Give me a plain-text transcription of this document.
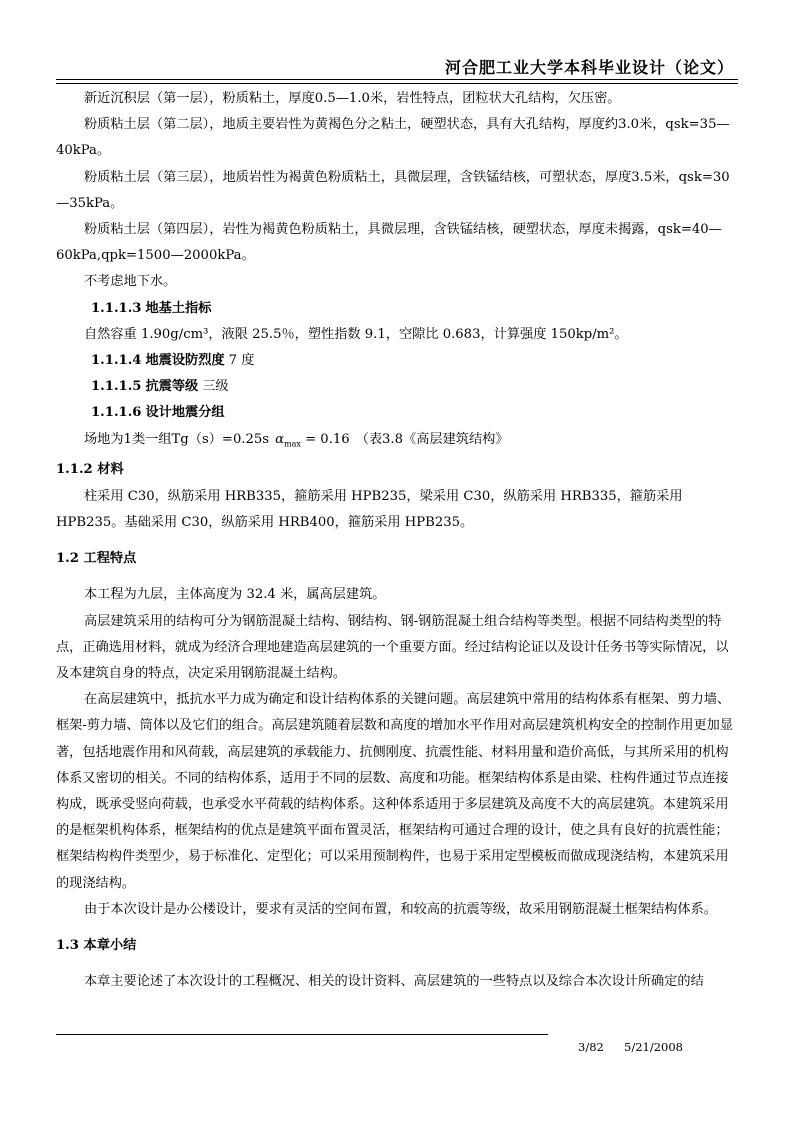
河合肥工业大学本科毕业设计（论文）

新近沉积层（第一层），粉质粘土，厚度0.5—1.0米，岩性特点，团粒状大孔结构，欠压密。

粉质粘土层（第二层），地质主要岩性为黄褐色分之粘土，硬塑状态，具有大孔结构，厚度约3.0米，qsk=35—40kPa。

粉质粘土层（第三层），地质岩性为褐黄色粉质粘土，具微层理，含铁锰结核，可塑状态，厚度3.5米，qsk=30—35kPa。

粉质粘土层（第四层），岩性为褐黄色粉质粘土，具微层理，含铁锰结核，硬塑状态，厚度未揭露，qsk=40—60kPa,qpk=1500—2000kPa。

不考虑地下水。

1.1.1.3 地基土指标

自然容重 1.90g/cm³，液限 25.5％，塑性指数 9.1，空隙比 0.683，计算强度 150kp/m²。

1.1.1.4 地震设防烈度 7 度

1.1.1.5 抗震等级 三级

1.1.1.6 设计地震分组

场地为1类一组Tg（s）=0.25s $\alpha_{max} = 0.16$ （表3.8《高层建筑结构》

1.1.2 材料

柱采用 C30，纵筋采用 HRB335，箍筋采用 HPB235，梁采用 C30，纵筋采用 HRB335，箍筋采用 HPB235。基础采用 C30，纵筋采用 HRB400，箍筋采用 HPB235。

1.2 工程特点

本工程为九层，主体高度为 32.4 米，属高层建筑。

高层建筑采用的结构可分为钢筋混凝土结构、钢结构、钢-钢筋混凝土组合结构等类型。根据不同结构类型的特点，正确选用材料，就成为经济合理地建造高层建筑的一个重要方面。经过结构论证以及设计任务书等实际情况，以及本建筑自身的特点，决定采用钢筋混凝土结构。

在高层建筑中，抵抗水平力成为确定和设计结构体系的关键问题。高层建筑中常用的结构体系有框架、剪力墙、框架-剪力墙、筒体以及它们的组合。高层建筑随着层数和高度的增加水平作用对高层建筑机构安全的控制作用更加显著，包括地震作用和风荷载，高层建筑的承载能力、抗侧刚度、抗震性能、材料用量和造价高低，与其所采用的机构体系又密切的相关。不同的结构体系，适用于不同的层数、高度和功能。框架结构体系是由梁、柱构件通过节点连接构成，既承受竖向荷载，也承受水平荷载的结构体系。这种体系适用于多层建筑及高度不大的高层建筑。本建筑采用的是框架机构体系，框架结构的优点是建筑平面布置灵活，框架结构可通过合理的设计，使之具有良好的抗震性能；框架结构构件类型少，易于标准化、定型化；可以采用预制构件，也易于采用定型模板而做成现浇结构，本建筑采用的现浇结构。

由于本次设计是办公楼设计，要求有灵活的空间布置，和较高的抗震等级，故采用钢筋混凝土框架结构体系。

1.3 本章小结

本章主要论述了本次设计的工程概况、相关的设计资料、高层建筑的一些特点以及综合本次设计所确定的结

3/82 5/21/2008
